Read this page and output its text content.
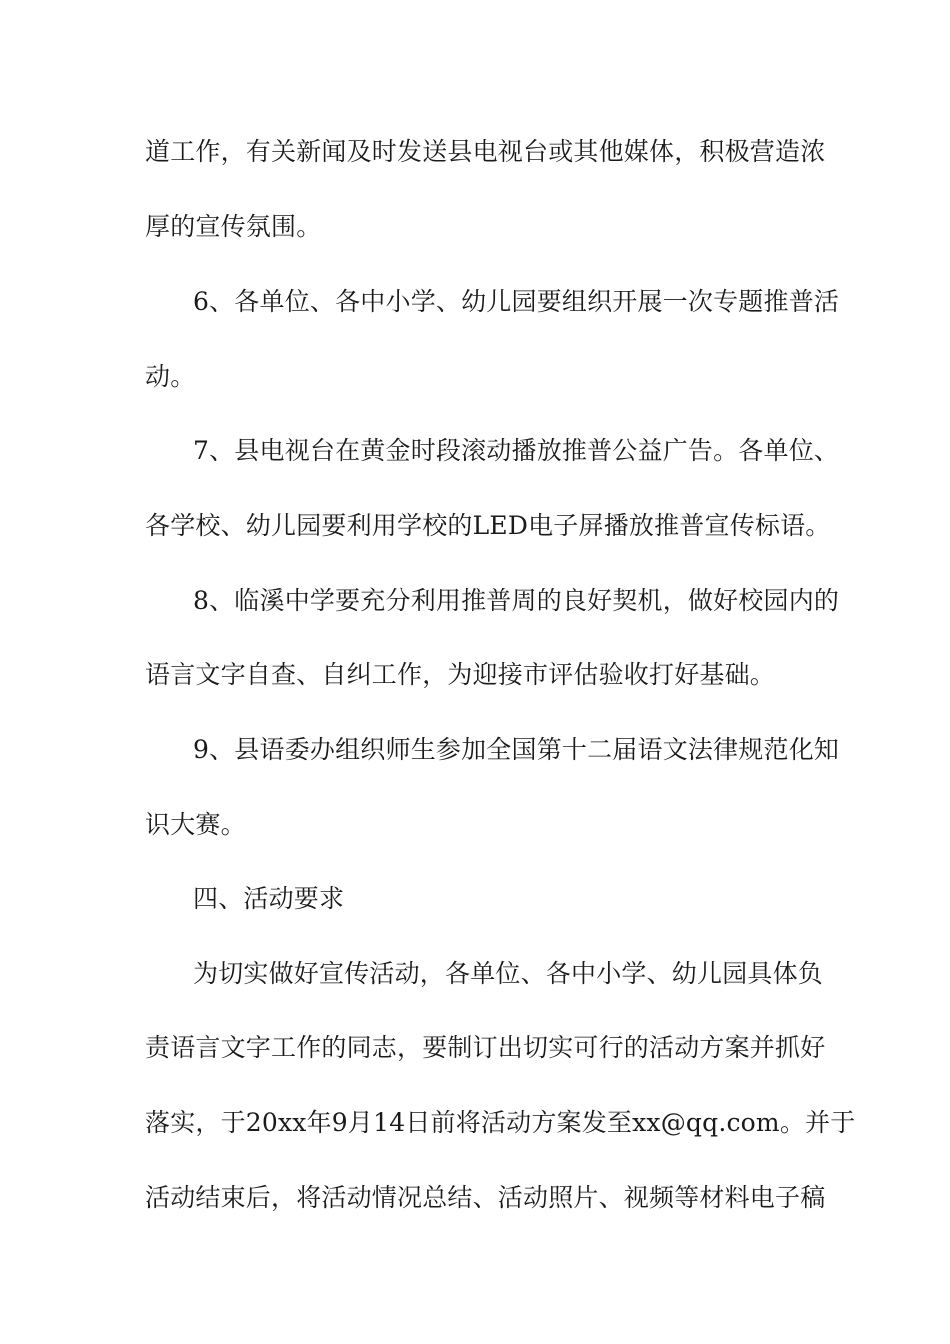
道工作，有关新闻及时发送县电视台或其他媒体，积极营造浓
厚的宣传氛围。
6、各单位、各中小学、幼儿园要组织开展一次专题推普活
动。
7、县电视台在黄金时段滚动播放推普公益广告。各单位、
各学校、幼儿园要利用学校的LED电子屏播放推普宣传标语。
8、临溪中学要充分利用推普周的良好契机，做好校园内的
语言文字自查、自纠工作，为迎接市评估验收打好基础。
9、县语委办组织师生参加全国第十二届语文法律规范化知
识大赛。
四、活动要求
为切实做好宣传活动，各单位、各中小学、幼儿园具体负
责语言文字工作的同志，要制订出切实可行的活动方案并抓好
落实，于20xx年9月14日前将活动方案发至xx@qq.com。并于
活动结束后，将活动情况总结、活动照片、视频等材料电子稿
